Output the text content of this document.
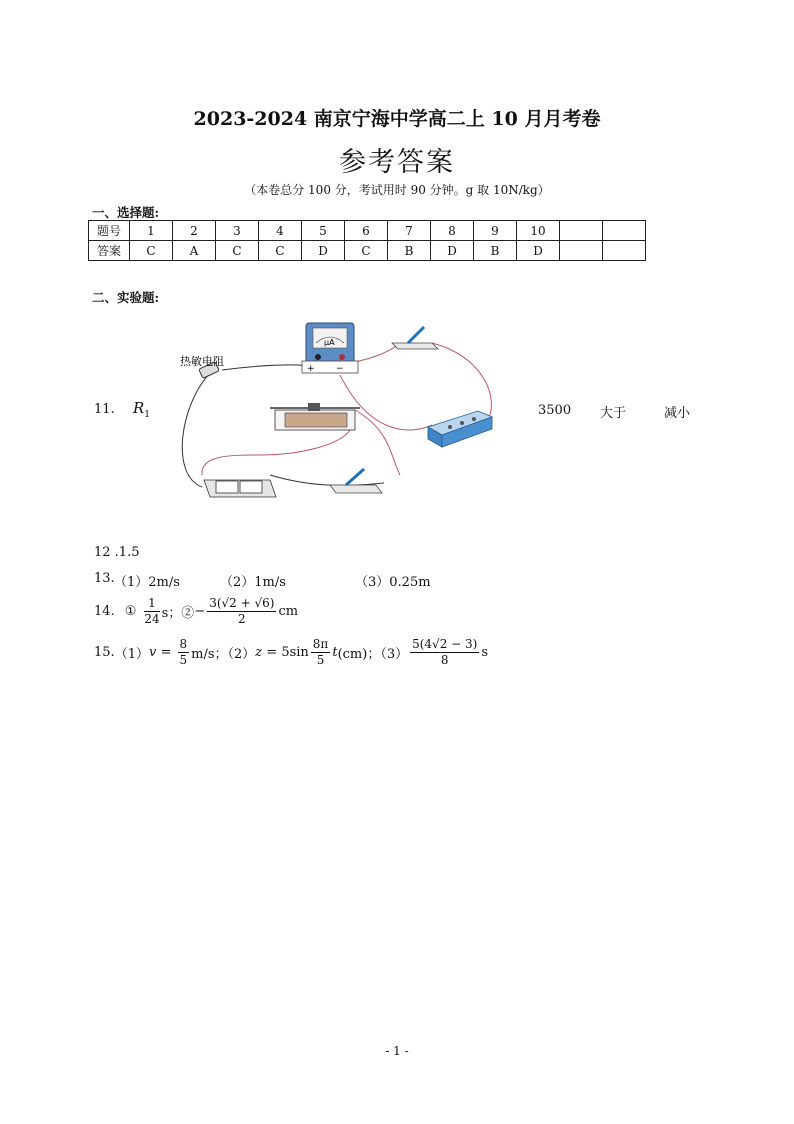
2023-2024 南京宁海中学高二上 10 月月考卷
参考答案
（本卷总分 100 分，考试用时 90 分钟。g 取 10N/kg）
一、选择题:
题号	1	2	3	4	5	6	7	8	9	10		
答案	C	A	C	C	D	C	B	D	B	D		
二、实验题:
11. $R_1$	3500 大于	减小
热敏电阻
μA
+ −
12 .1.5
13. （1）2m/s	（2）1m/s	（3）0.25m
14. ① $\frac{1}{24}$ s；② − $\frac{3(√2 + √6)}{2}$ cm
15. （1） $v = \frac{8}{5} m/s$；（2） $z = 5\sin \frac{8\pi}{5}$ t (cm)；$(3) \frac{5(4√2 - 3)}{8}$ s
- 1 -
